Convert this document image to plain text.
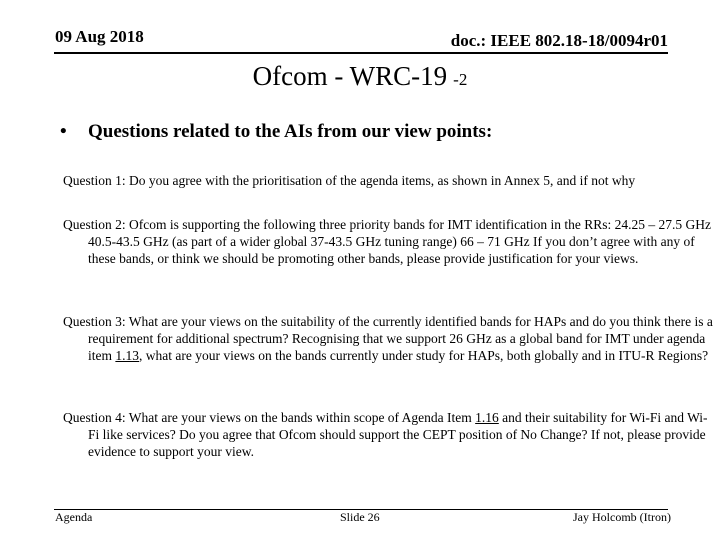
09 Aug 2018	doc.: IEEE 802.18-18/0094r01
Ofcom - WRC-19 -2
• Questions related to the AIs from our view points:
Question 1: Do you agree with the prioritisation of the agenda items, as shown in Annex 5, and if not why
Question 2: Ofcom is supporting the following three priority bands for IMT identification in the RRs: 24.25 – 27.5 GHz 40.5-43.5 GHz (as part of a wider global 37-43.5 GHz tuning range) 66 – 71 GHz If you don’t agree with any of these bands, or think we should be promoting other bands, please provide justification for your views.
Question 3: What are your views on the suitability of the currently identified bands for HAPs and do you think there is a requirement for additional spectrum? Recognising that we support 26 GHz as a global band for IMT under agenda item 1.13, what are your views on the bands currently under study for HAPs, both globally and in ITU-R Regions?
Question 4: What are your views on the bands within scope of Agenda Item 1.16 and their suitability for Wi-Fi and Wi-Fi like services? Do you agree that Ofcom should support the CEPT position of No Change? If not, please provide evidence to support your view.
Agenda	Slide 26	Jay Holcomb (Itron)
